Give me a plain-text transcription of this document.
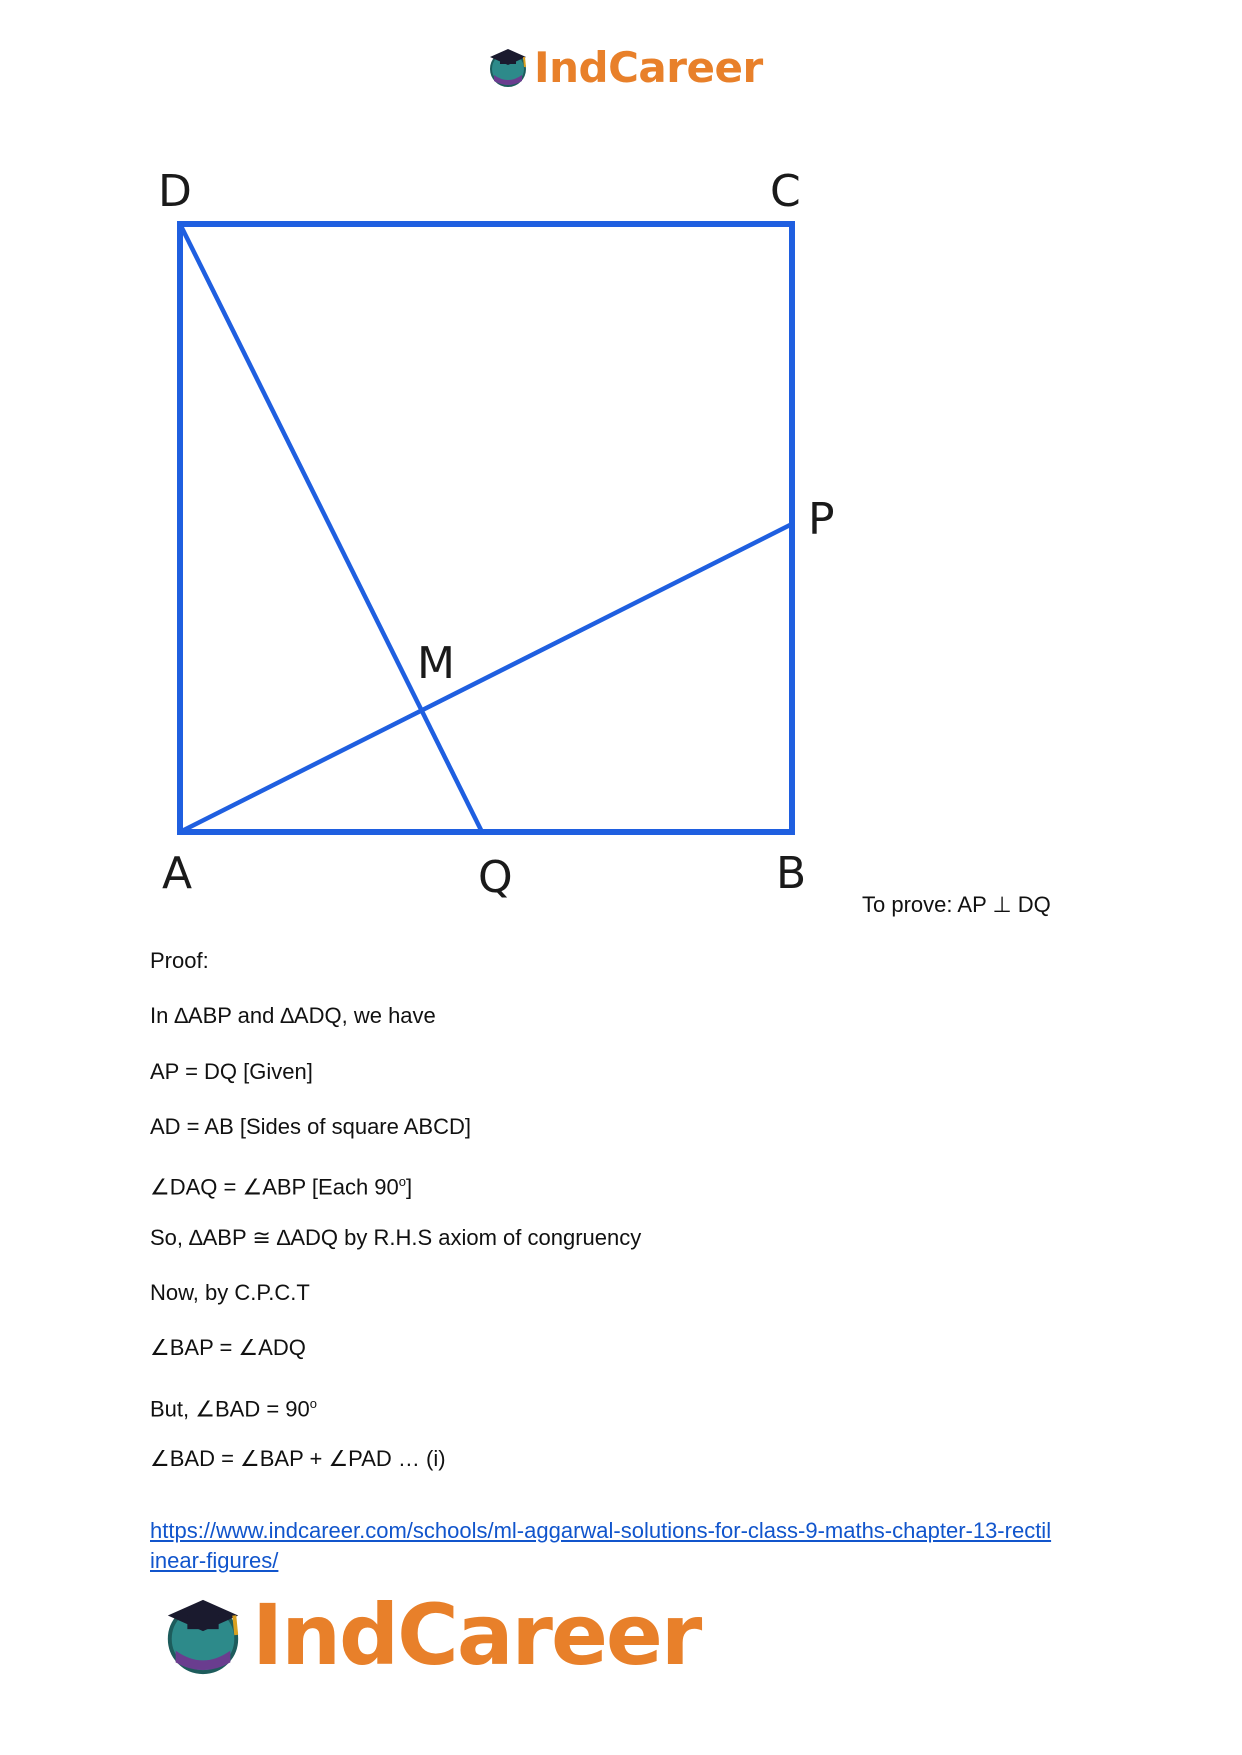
IndCareer
D	C
P
M
A	Q	B
To prove: AP ⊥ DQ
Proof:
In ∆ABP and ∆ADQ, we have
AP = DQ [Given]
AD = AB [Sides of square ABCD]
∠DAQ = ∠ABP [Each 90$^o$]
So, ∆ABP ≅ ∆ADQ by R.H.S axiom of congruency
Now, by C.P.C.T
∠BAP = ∠ADQ
But, ∠BAD = $90^o$
∠BAD = ∠BAP + ∠PAD … (i)
https://www.indcareer.com/schools/ml-aggarwal-solutions-for-class-9-maths-chapter-13-rectil
inear-figures/
IndCareer
